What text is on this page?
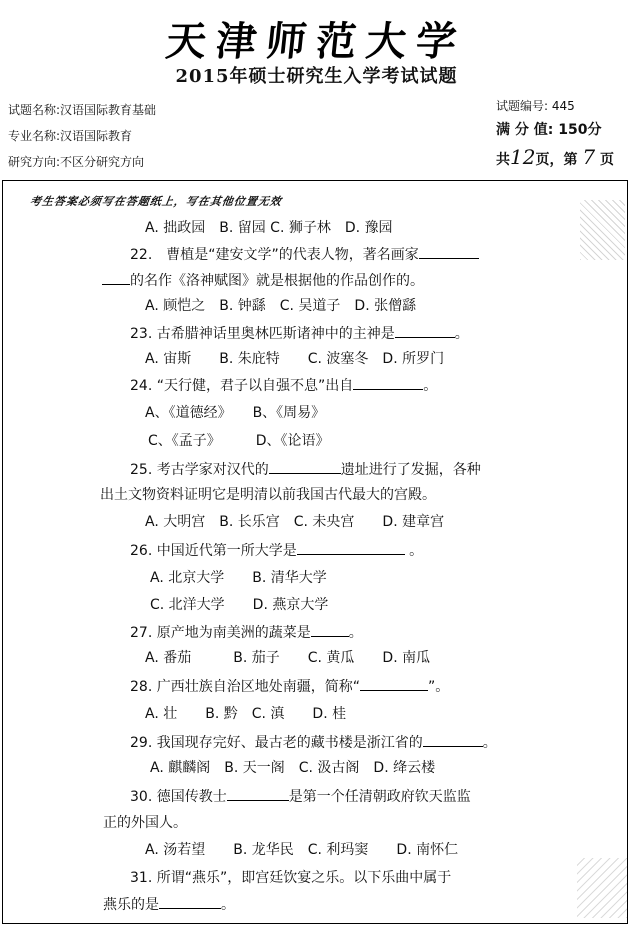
天津师范大学
2015年硕士研究生入学考试试题
试题名称:汉语国际教育基础
专业名称:汉语国际教育
研究方向:不区分研究方向
试题编号: 445
满 分 值: 150分
共12页，第 7 页
考生答案必须写在答题纸上，写在其他位置无效
A. 拙政园　B. 留园 C. 狮子林　D. 豫园
22.　曹植是“建安文学”的代表人物，著名画家
的名作《洛神赋图》就是根据他的作品创作的。
A. 顾恺之　B. 钟繇　C. 吴道子　D. 张僧繇
23. 古希腊神话里奥林匹斯诸神中的主神是	。
A. 宙斯　　B. 朱庇特　　C. 波塞冬　D. 所罗门
24. “天行健，君子以自强不息”出自	。
A、《道德经》　　B、《周易》
C、《孟子》　　　D、《论语》
25. 考古学家对汉代的	遗址进行了发掘，各种
出土文物资料证明它是明清以前我国古代最大的宫殿。
A. 大明宫　B. 长乐宫　C. 未央宫　　D. 建章宫
26. 中国近代第一所大学是	。
A. 北京大学　　B. 清华大学
C. 北洋大学　　D. 燕京大学
27. 原产地为南美洲的蔬菜是	。
A. 番茄　　　B. 茄子　　C. 黄瓜　　D. 南瓜
28. 广西壮族自治区地处南疆，简称“	”。
A. 壮　　B. 黔　C. 滇　　D. 桂
29. 我国现存完好、最古老的藏书楼是浙江省的	。
A. 麒麟阁　B. 天一阁　C. 汲古阁　D. 绛云楼
30. 德国传教士	是第一个任清朝政府钦天监监
正的外国人。
A. 汤若望　　B. 龙华民　C. 利玛窦　　D. 南怀仁
31. 所谓“燕乐”，即宫廷饮宴之乐。以下乐曲中属于
燕乐的是	。
